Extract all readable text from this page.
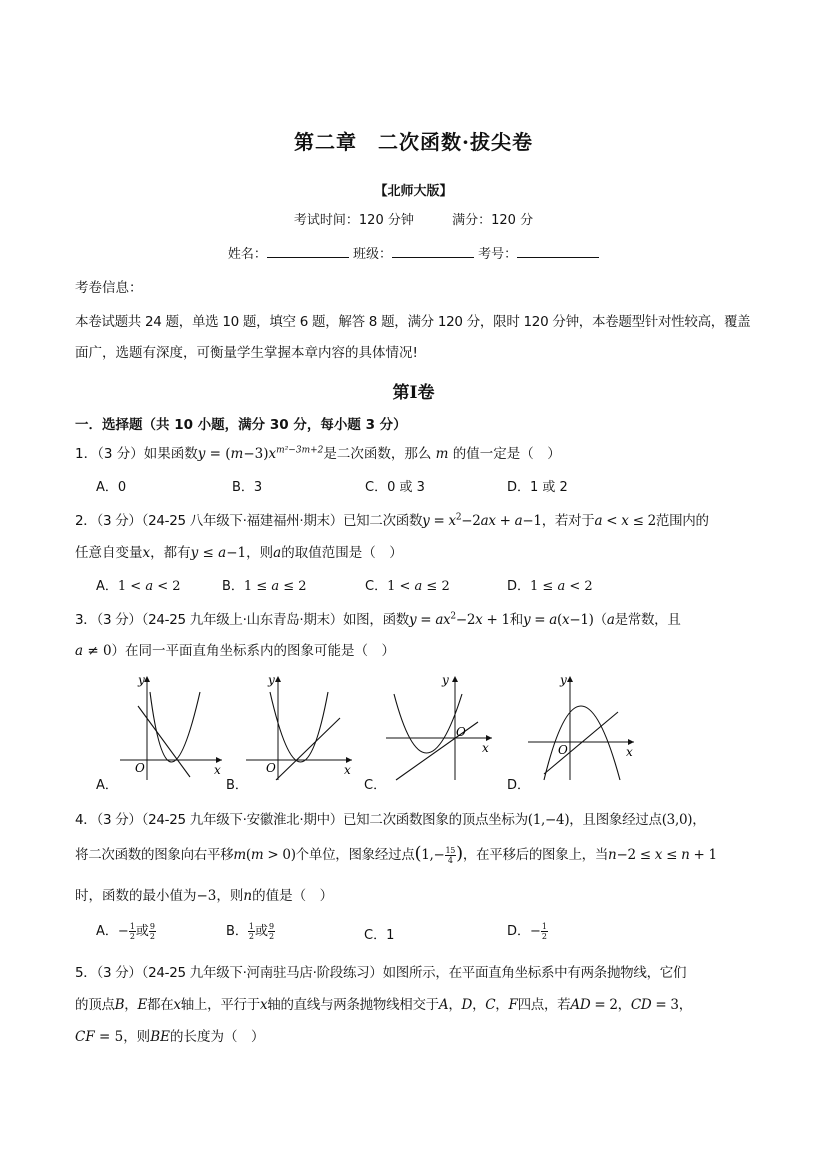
第二章　二次函数·拔尖卷
【北师大版】
考试时间：120 分钟	满分：120 分
姓名：	班级：	考号：
考卷信息：
本卷试题共 24 题，单选 10 题，填空 6 题，解答 8 题，满分 120 分，限时 120 分钟，本卷题型针对性较高，覆盖
面广，选题有深度，可衡量学生掌握本章内容的具体情况!
第Ⅰ卷
一．选择题（共 10 小题，满分 30 分，每小题 3 分）
1．（3 分）如果函数$y = (m-3)x^{m^2-3m+2}$是二次函数，那么 m 的值一定是（　）
A．0	B．3	C．0 或 3	D．1 或 2
2．（3 分）（24-25 八年级下·福建福州·期末）已知二次函数$y = x^2-2ax + a-1$，若对于a < x ≤ 2范围内的
任意自变量x，都有y ≤ a−1，则a的取值范围是（　）
A．1 < a < 2	B．1 ≤ a ≤ 2	C．1 < a ≤ 2	D．1 ≤ a < 2
3．（3 分）（24-25 九年级上·山东青岛·期末）如图，函数$y = ax^2-2x + 1$和y = a(x−1)（a是常数，且
a ≠ 0）在同一平面直角坐标系内的图象可能是（　）
y
x
O
A．
y
x
O
B．
y
x
O
C．
y
x
O
D．
4．（3 分）（24-25 九年级下·安徽淮北·期中）已知二次函数图象的顶点坐标为(1,−4)，且图象经过点(3,0)，
将二次函数的图象向右平移m(m > 0)个单位，图象经过点($1,- \frac{15}{4}$ )，在平移后的图象上，当n−2 ≤ x ≤ n + 1
时，函数的最小值为−3，则n的值是（　）
A．− $\frac{1}{2}$ 或 $\frac{9}{2}$	B． $\frac{1}{2}$ 或 $\frac{9}{2}$	C．1	D．− $\frac{1}{2}$
5．（3 分）（24-25 九年级下·河南驻马店·阶段练习）如图所示，在平面直角坐标系中有两条抛物线，它们
的顶点B，E都在x轴上，平行于x轴的直线与两条抛物线相交于A，D，C，F四点，若AD = 2，CD = 3，
CF = 5，则BE的长度为（　）
